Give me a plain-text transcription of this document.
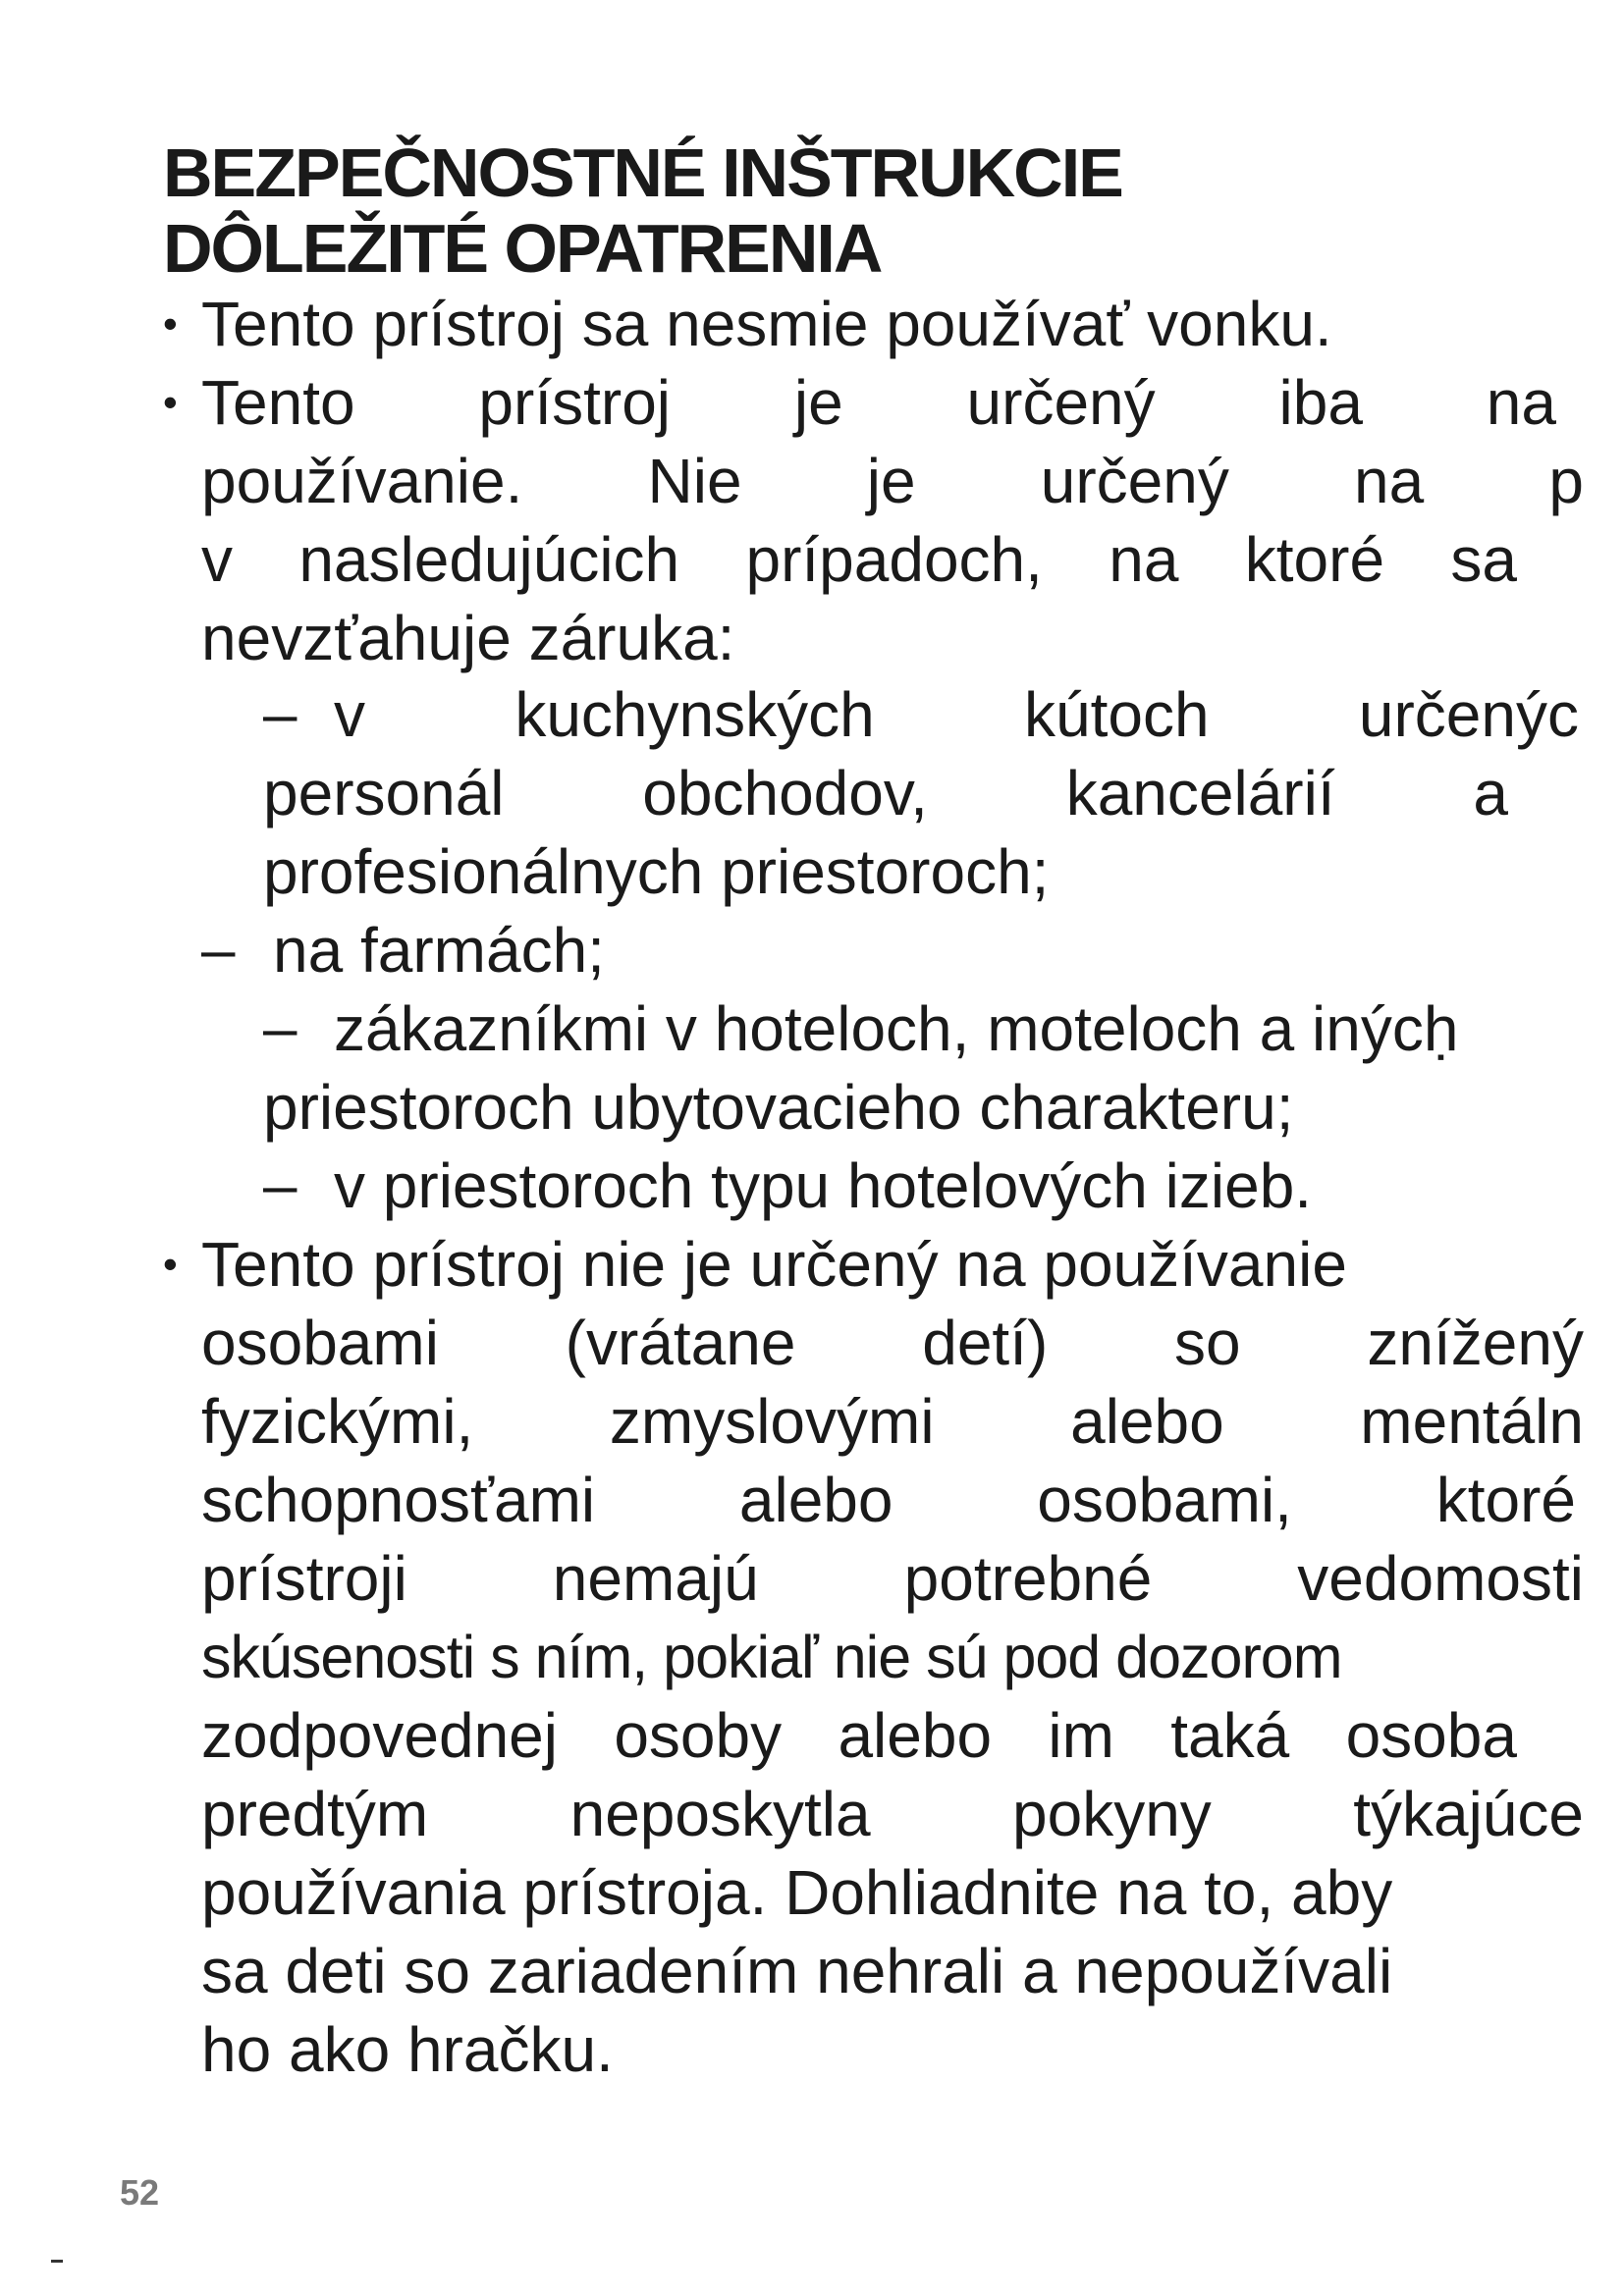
BEZPEČNOSTNÉ INŠTRUKCIE
DÔLEŽITÉ OPATRENIA
• Tento prístroj sa nesmie používať vonku.
• Tento prístroj je určený iba na
používanie. Nie je určený na p
v nasledujúcich prípadoch, na ktoré sa
nevzťahuje záruka:
– v kuchynských kútoch určenýc
personál obchodov, kancelárií a
profesionálnych priestoroch;
– na farmách;
– zákazníkmi v hoteloch, moteloch a inýcḥ
priestoroch ubytovacieho charakteru;
– v priestoroch typu hotelových izieb.
• Tento prístroj nie je určený na používanie
osobami (vrátane detí) so znížený
fyzickými, zmyslovými alebo mentáln
schopnosťami alebo osobami, ktoré
prístroji nemajú potrebné vedomosti
skúsenosti s ním, pokiaľ nie sú pod dozorom
zodpovednej osoby alebo im taká osoba
predtým neposkytla pokyny týkajúce
používania prístroja. Dohliadnite na to, aby
sa deti so zariadením nehrali a nepoužívali
ho ako hračku.
52
